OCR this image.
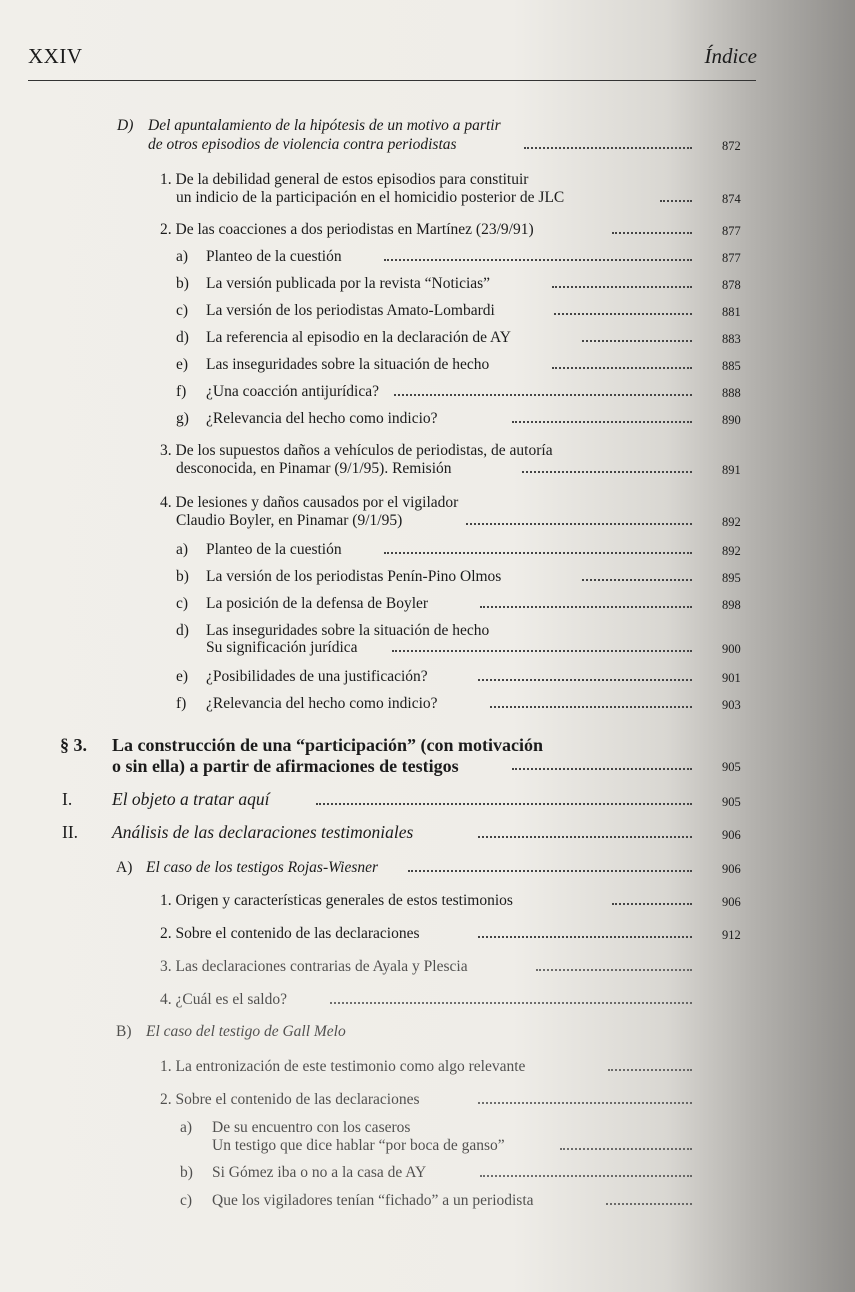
XXIV	Índice
D) Del apuntalamiento de la hipótesis de un motivo a partir
de otros episodios de violencia contra periodistas	872
1. De la debilidad general de estos episodios para constituir
un indicio de la participación en el homicidio posterior de JLC	874
2. De las coacciones a dos periodistas en Martínez (23/9/91)	877
a) Planteo de la cuestión	877
b) La versión publicada por la revista “Noticias”	878
c) La versión de los periodistas Amato-Lombardi	881
d) La referencia al episodio en la declaración de AY	883
e) Las inseguridades sobre la situación de hecho	885
f) ¿Una coacción antijurídica?	888
g) ¿Relevancia del hecho como indicio?	890
3. De los supuestos daños a vehículos de periodistas, de autoría
desconocida, en Pinamar (9/1/95). Remisión	891
4. De lesiones y daños causados por el vigilador
Claudio Boyler, en Pinamar (9/1/95)	892
a) Planteo de la cuestión	892
b) La versión de los periodistas Penín-Pino Olmos	895
c) La posición de la defensa de Boyler	898
d) Las inseguridades sobre la situación de hecho
Su significación jurídica	900
e) ¿Posibilidades de una justificación?	901
f) ¿Relevancia del hecho como indicio?	903
§ 3. La construcción de una “participación” (con motivación
o sin ella) a partir de afirmaciones de testigos	905
I. El objeto a tratar aquí	905
II. Análisis de las declaraciones testimoniales	906
A) El caso de los testigos Rojas-Wiesner	906
1. Origen y características generales de estos testimonios	906
2. Sobre el contenido de las declaraciones	912
3. Las declaraciones contrarias de Ayala y Plescia
4. ¿Cuál es el saldo?
B) El caso del testigo de Gall Melo
1. La entronización de este testimonio como algo relevante
2. Sobre el contenido de las declaraciones
a) De su encuentro con los caseros
Un testigo que dice hablar “por boca de ganso”
b) Si Gómez iba o no a la casa de AY
c) Que los vigiladores tenían “fichado” a un periodista
